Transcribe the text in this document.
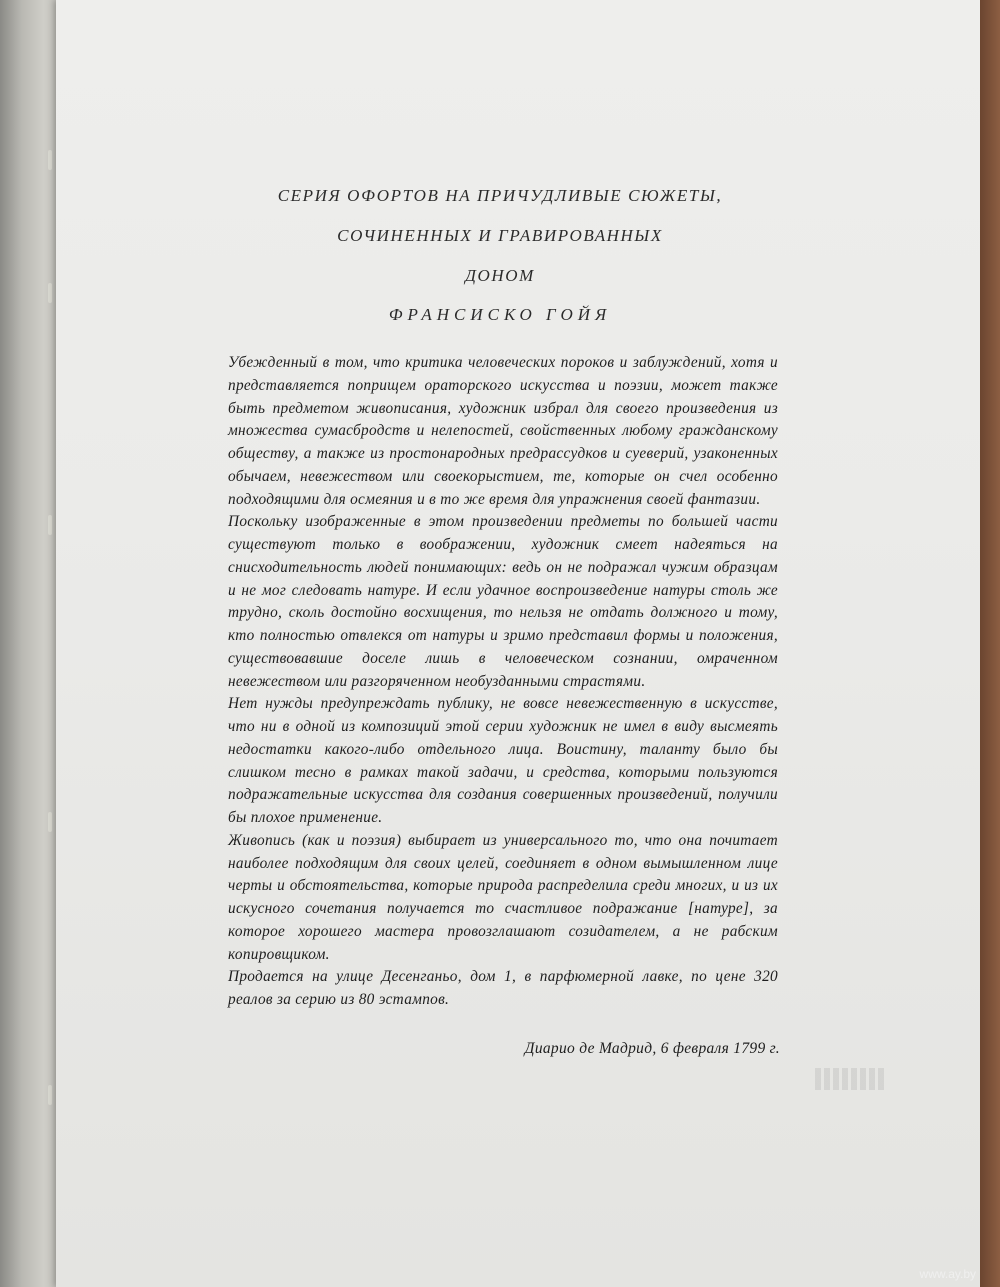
СЕРИЯ ОФОРТОВ НА ПРИЧУДЛИВЫЕ СЮЖЕТЫ,
СОЧИНЕННЫХ И ГРАВИРОВАННЫХ
ДОНОМ
ФРАНСИСКО ГОЙЯ

Убежденный в том, что критика человеческих пороков и заблуждений, хотя и представляется поприщем ораторского искусства и поэзии, может также быть предметом живописания, художник избрал для своего произведения из множества сумасбродств и нелепостей, свойственных любому гражданскому обществу, а также из простонародных предрассудков и суеверий, узаконенных обычаем, невежеством или своекорыстием, те, которые он счел особенно подходящими для осмеяния и в то же время для упражнения своей фантазии.

Поскольку изображенные в этом произведении предметы по большей части существуют только в воображении, художник смеет надеяться на снисходительность людей понимающих: ведь он не подражал чужим образцам и не мог следовать натуре. И если удачное воспроизведение натуры столь же трудно, сколь достойно восхищения, то нельзя не отдать должного и тому, кто полностью отвлекся от натуры и зримо представил формы и положения, существовавшие доселе лишь в человеческом сознании, омраченном невежеством или разгоряченном необузданными страстями.

Нет нужды предупреждать публику, не вовсе невежественную в искусстве, что ни в одной из композиций этой серии художник не имел в виду высмеять недостатки какого-либо отдельного лица. Воистину, таланту было бы слишком тесно в рамках такой задачи, и средства, которыми пользуются подражательные искусства для создания совершенных произведений, получили бы плохое применение.

Живопись (как и поэзия) выбирает из универсального то, что она почитает наиболее подходящим для своих целей, соединяет в одном вымышленном лице черты и обстоятельства, которые природа распределила среди многих, и из их искусного сочетания получается то счастливое подражание [натуре], за которое хорошего мастера провозглашают созидателем, а не рабским копировщиком.

Продается на улице Десенганьо, дом 1, в парфюмерной лавке, по цене 320 реалов за серию из 80 эстампов.

Диарио де Мадрид, 6 февраля 1799 г.
www.ay.by
